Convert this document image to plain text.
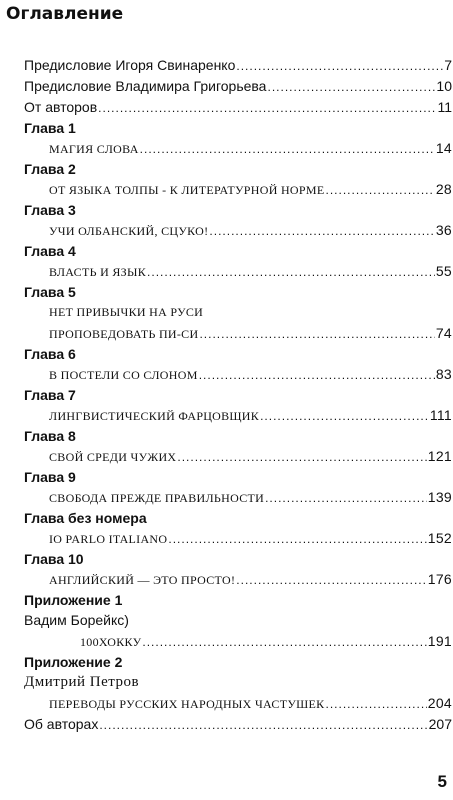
Оглавление
Предисловие Игоря Свинаренко .....	7
Предисловие Владимира Григорьева .....	10
От авторов .....	11
Глава 1
МАГИЯ СЛОВА .....	14
Глава 2
ОТ ЯЗЫКА ТОЛПЫ - К ЛИТЕРАТУРНОЙ НОРМЕ .....	28
Глава 3
УЧИ ОЛБАНСКИЙ, СЦУКО! .....	36
Глава 4
ВЛАСТЬ И ЯЗЫК .....	55
Глава 5
НЕТ ПРИВЫЧКИ НА РУСИ
ПРОПОВЕДОВАТЬ ПИ-СИ .....	74
Глава 6
В ПОСТЕЛИ СО СЛОНОМ .....	83
Глава 7
ЛИНГВИСТИЧЕСКИЙ ФАРЦОВЩИК .....	111
Глава 8
СВОЙ СРЕДИ ЧУЖИХ .....	121
Глава 9
СВОБОДА ПРЕЖДЕ ПРАВИЛЬНОСТИ .....	139
Глава без номера
IO PARLO ITALIANO .....	152
Глава 10
АНГЛИЙСКИЙ — ЭТО ПРОСТО! .....	176
Приложение 1
Вадим Борейкс)
100ХОККУ .....	191
Приложение 2
Дмитрий Петров
ПЕРЕВОДЫ РУССКИХ НАРОДНЫХ ЧАСТУШЕК .....	204
Об авторах .....	207
5
